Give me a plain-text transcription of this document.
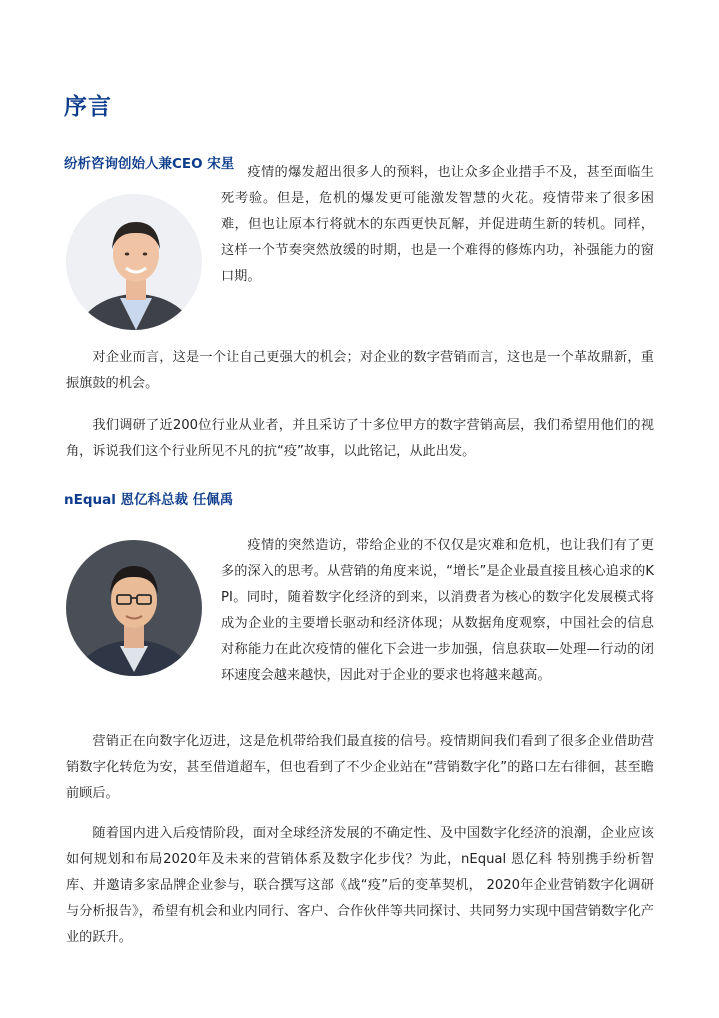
序言
纷析咨询创始人兼CEO 宋星

疫情的爆发超出很多人的预料，也让众多企业措手不及，甚至面临生死考验。但是，危机的爆发更可能激发智慧的火花。疫情带来了很多困难，但也让原本行将就木的东西更快瓦解，并促进萌生新的转机。同样，这样一个节奏突然放缓的时期，也是一个难得的修炼内功，补强能力的窗口期。

对企业而言，这是一个让自己更强大的机会；对企业的数字营销而言，这也是一个革故鼎新，重振旗鼓的机会。

我们调研了近200位行业从业者，并且采访了十多位甲方的数字营销高层，我们希望用他们的视角，诉说我们这个行业所见不凡的抗“疫”故事，以此铭记，从此出发。

nEqual 恩亿科总裁 任佩禹

疫情的突然造访，带给企业的不仅仅是灾难和危机，也让我们有了更多的深入的思考。从营销的角度来说，“增长”是企业最直接且核心追求的KPI。同时，随着数字化经济的到来，以消费者为核心的数字化发展模式将成为企业的主要增长驱动和经济体现；从数据角度观察，中国社会的信息对称能力在此次疫情的催化下会进一步加强，信息获取—处理—行动的闭环速度会越来越快，因此对于企业的要求也将越来越高。

营销正在向数字化迈进，这是危机带给我们最直接的信号。疫情期间我们看到了很多企业借助营销数字化转危为安，甚至借道超车，但也看到了不少企业站在“营销数字化”的路口左右徘徊，甚至瞻前顾后。

随着国内进入后疫情阶段，面对全球经济发展的不确定性、及中国数字化经济的浪潮，企业应该如何规划和布局2020年及未来的营销体系及数字化步伐？为此，nEqual 恩亿科 特别携手纷析智库、并邀请多家品牌企业参与，联合撰写这部《战“疫”后的变革契机， 2020年企业营销数字化调研与分析报告》，希望有机会和业内同行、客户、合作伙伴等共同探讨、共同努力实现中国营销数字化产业的跃升。
